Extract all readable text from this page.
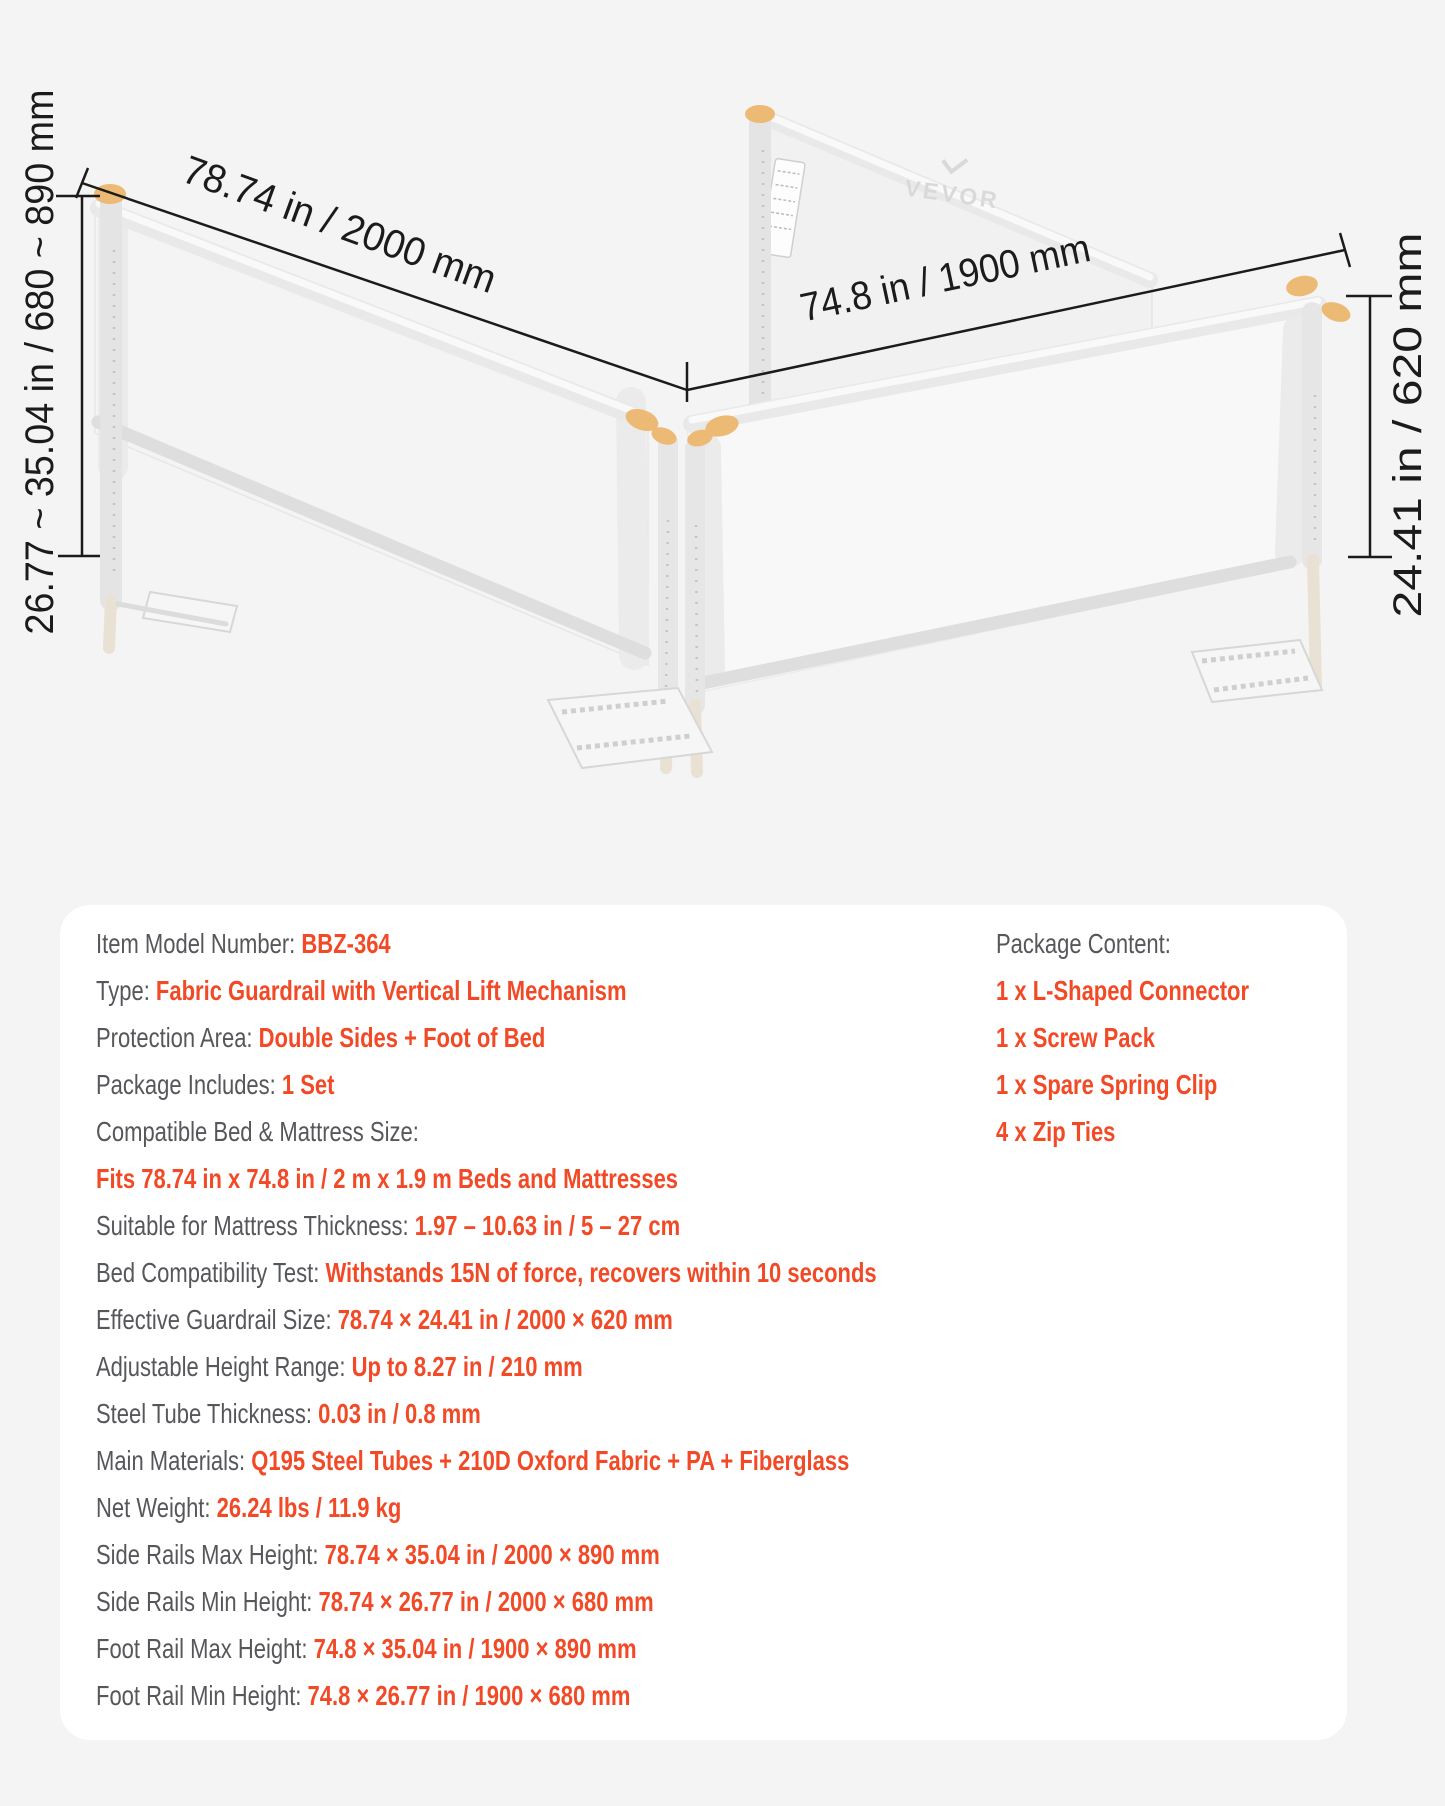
VEVOR
78.74 in / 2000 mm	74.8 in / 1900 mm
26.77 ~ 35.04 in / 680 ~ 890 mm	24.41 in / 620 mm
Item Model Number: BBZ-364
Type: Fabric Guardrail with Vertical Lift Mechanism
Protection Area: Double Sides + Foot of Bed
Package Includes: 1 Set
Compatible Bed & Mattress Size:
Fits 78.74 in x 74.8 in / 2 m x 1.9 m Beds and Mattresses
Suitable for Mattress Thickness: 1.97 – 10.63 in / 5 – 27 cm
Bed Compatibility Test: Withstands 15N of force, recovers within 10 seconds
Effective Guardrail Size: 78.74 × 24.41 in / 2000 × 620 mm
Adjustable Height Range: Up to 8.27 in / 210 mm
Steel Tube Thickness: 0.03 in / 0.8 mm
Main Materials: Q195 Steel Tubes + 210D Oxford Fabric + PA + Fiberglass
Net Weight: 26.24 lbs / 11.9 kg
Side Rails Max Height: 78.74 × 35.04 in / 2000 × 890 mm
Side Rails Min Height: 78.74 × 26.77 in / 2000 × 680 mm
Foot Rail Max Height: 74.8 × 35.04 in / 1900 × 890 mm
Foot Rail Min Height: 74.8 × 26.77 in / 1900 × 680 mm
Package Content:
1 x L-Shaped Connector
1 x Screw Pack
1 x Spare Spring Clip
4 x Zip Ties
